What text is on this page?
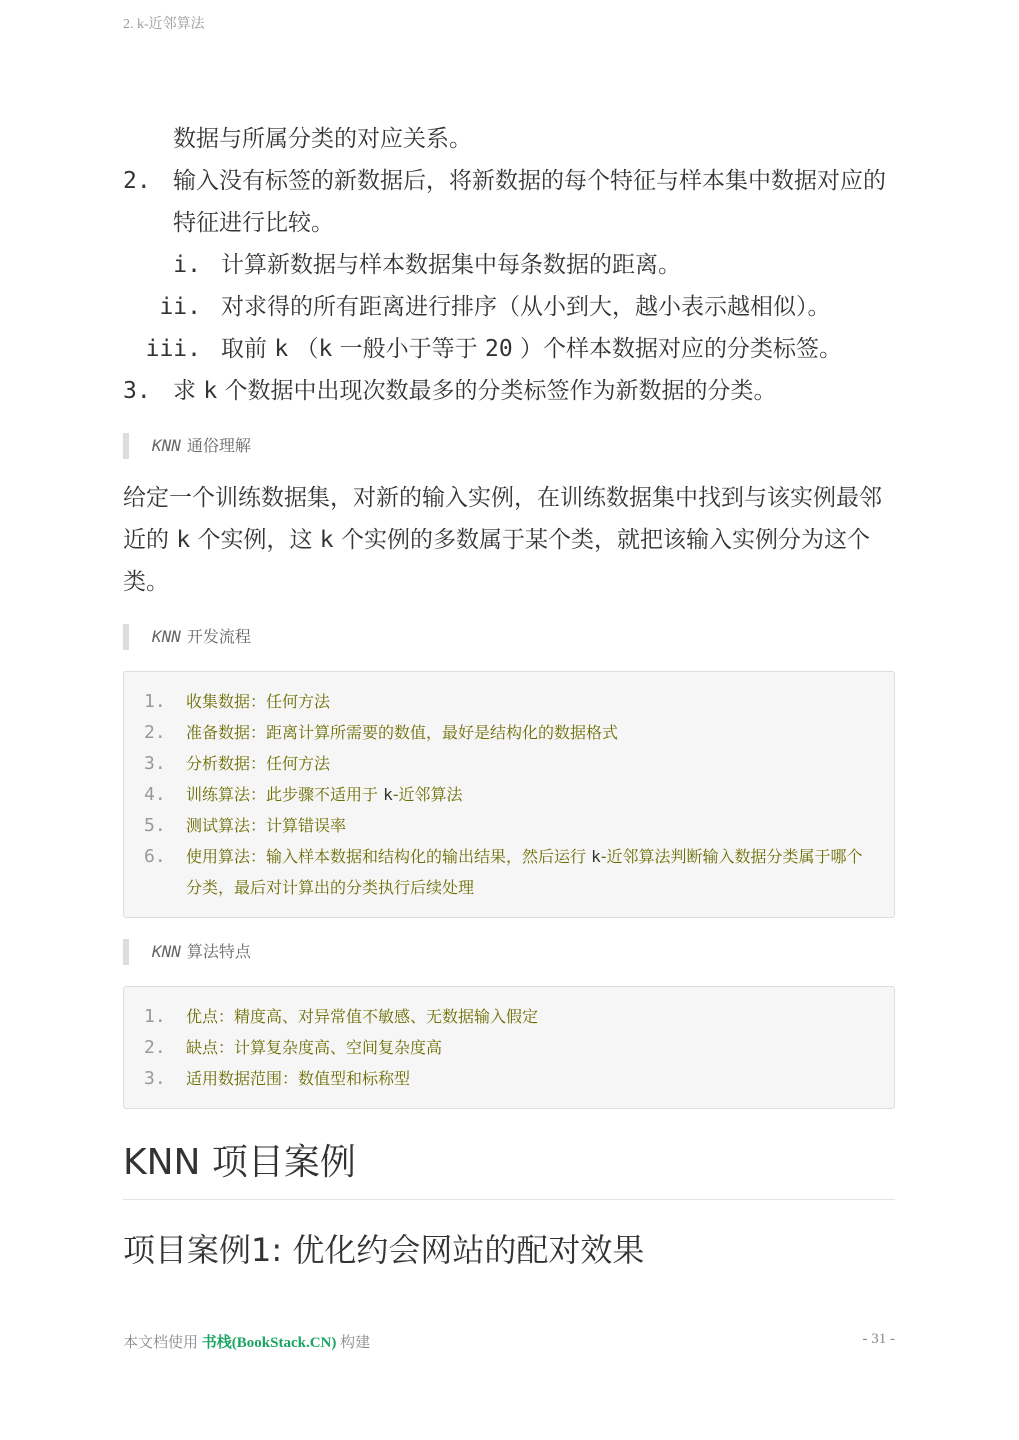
2. k-近邻算法
数据与所属分类的对应关系。
2. 输入没有标签的新数据后，将新数据的每个特征与样本集中数据对应的特征进行比较。
i. 计算新数据与样本数据集中每条数据的距离。
ii. 对求得的所有距离进行排序（从小到大，越小表示越相似）。
iii. 取前 k （k 一般小于等于 20 ）个样本数据对应的分类标签。
3. 求 k 个数据中出现次数最多的分类标签作为新数据的分类。
KNN 通俗理解
给定一个训练数据集，对新的输入实例，在训练数据集中找到与该实例最邻近的 k 个实例，这 k 个实例的多数属于某个类，就把该输入实例分为这个类。
KNN 开发流程
1. 收集数据：任何方法
2. 准备数据：距离计算所需要的数值，最好是结构化的数据格式
3. 分析数据：任何方法
4. 训练算法：此步骤不适用于 k-近邻算法
5. 测试算法：计算错误率
6. 使用算法：输入样本数据和结构化的输出结果，然后运行 k-近邻算法判断输入数据分类属于哪个分类，最后对计算出的分类执行后续处理
KNN 算法特点
1. 优点：精度高、对异常值不敏感、无数据输入假定
2. 缺点：计算复杂度高、空间复杂度高
3. 适用数据范围：数值型和标称型
KNN 项目案例
项目案例1: 优化约会网站的配对效果
本文档使用 书栈(BookStack.CN) 构建	- 31 -
